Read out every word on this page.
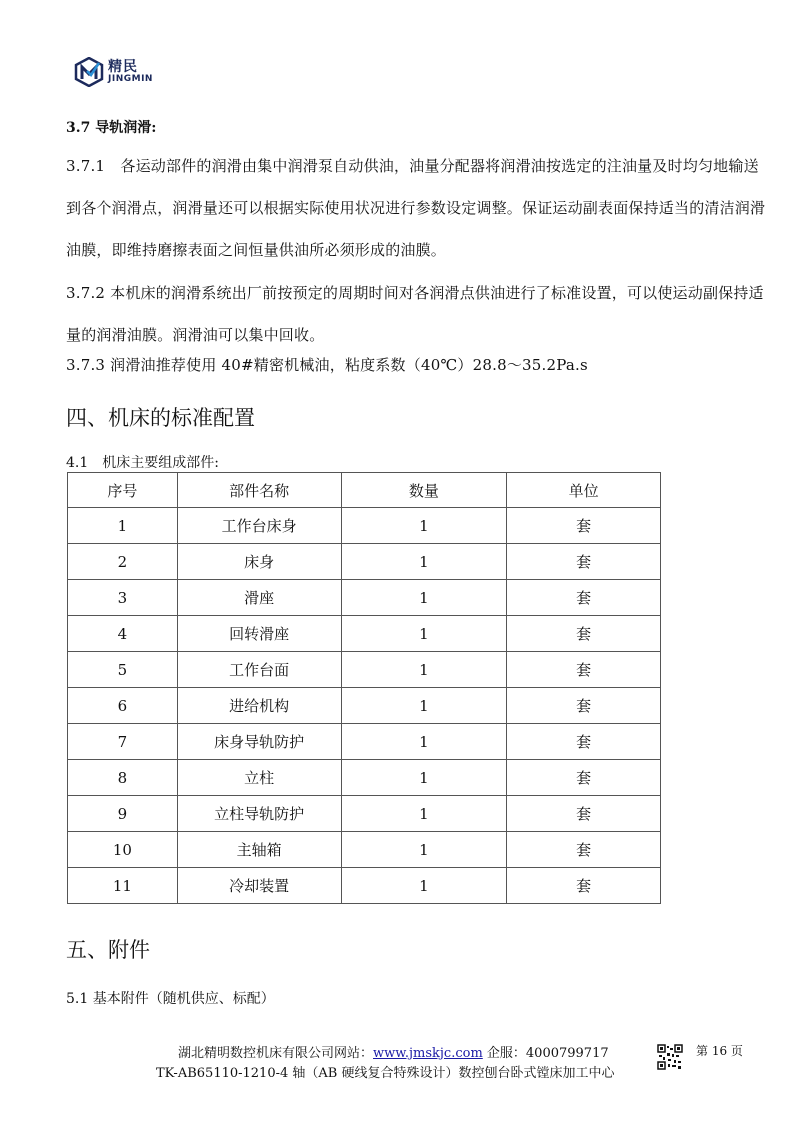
精民
JINGMIN
3.7 导轨润滑:
3.7.1　各运动部件的润滑由集中润滑泵自动供油，油量分配器将润滑油按选定的注油量及时均匀地输送到各个润滑点，润滑量还可以根据实际使用状况进行参数设定调整。保证运动副表面保持适当的清洁润滑油膜，即维持磨擦表面之间恒量供油所必须形成的油膜。
3.7.2 本机床的润滑系统出厂前按预定的周期时间对各润滑点供油进行了标准设置，可以使运动副保持适量的润滑油膜。润滑油可以集中回收。
3.7.3 润滑油推荐使用 40#精密机械油，粘度系数（40℃）28.8～35.2Pa.s
四、机床的标准配置
4.1　机床主要组成部件:
序号	部件名称	数量	单位
1	工作台床身	1	套
2	床身	1	套
3	滑座	1	套
4	回转滑座	1	套
5	工作台面	1	套
6	进给机构	1	套
7	床身导轨防护	1	套
8	立柱	1	套
9	立柱导轨防护	1	套
10	主轴箱	1	套
11	冷却装置	1	套
五、附件
5.1 基本附件（随机供应、标配）
湖北精明数控机床有限公司网站：www.jmskjc.com 企服：4000799717
TK-AB65110-1210-4 轴（AB 硬线复合特殊设计）数控刨台卧式镗床加工中心
第 16 页
